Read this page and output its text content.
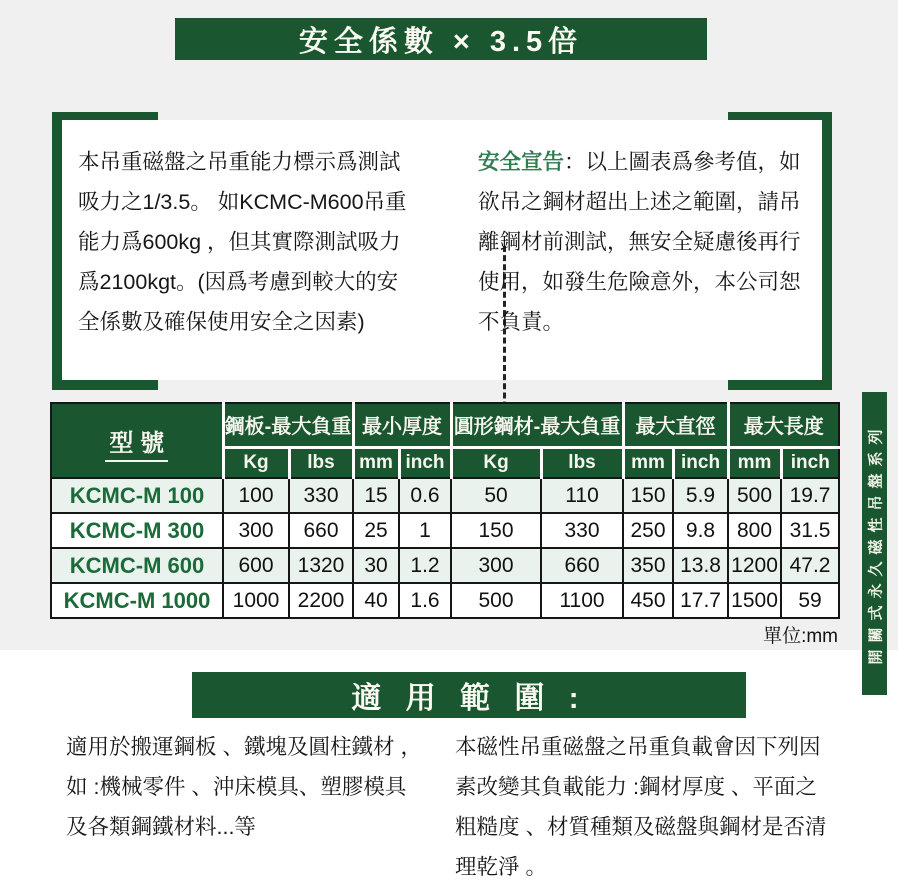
安全係數 × 3.5倍
本吊重磁盤之吊重能力標示爲測試
吸力之1/3.5。 如KCMC-M600吊重
能力爲600kg ，但其實際測試吸力
爲2100kgt。(因爲考慮到較大的安
全係數及確保使用安全之因素)
安全宣告：以上圖表爲參考值，如
欲吊之鋼材超出上述之範圍，請吊
離鋼材前測試，無安全疑慮後再行
使用，如發生危險意外，本公司恕
不負責。
型 號	鋼板-最大負重		最小厚度		圓形鋼材-最大負重		最大直徑		最大長度	
	Kg	lbs	mm	inch	Kg	lbs	mm	inch	mm	inch
KCMC-M 100	100	330	15	0.6	50	110	150	5.9	500	19.7
KCMC-M 300	300	660	25	1	150	330	250	9.8	800	31.5
KCMC-M 600	600	1320	30	1.2	300	660	350	13.8	1200	47.2
KCMC-M 1000	1000	2200	40	1.6	500	1100	450	17.7	1500	59
單位:mm 開關式永久磁性吊盤系列
適 用 範 圍 :
適用於搬運鋼板 、鐵塊及圓柱鐵材 ，
如 :機械零件 、沖床模具、塑膠模具
及各類鋼鐵材料...等
本磁性吊重磁盤之吊重負載會因下列因
素改變其負載能力 :鋼材厚度 、平面之
粗糙度 、材質種類及磁盤與鋼材是否清
理乾淨 。
